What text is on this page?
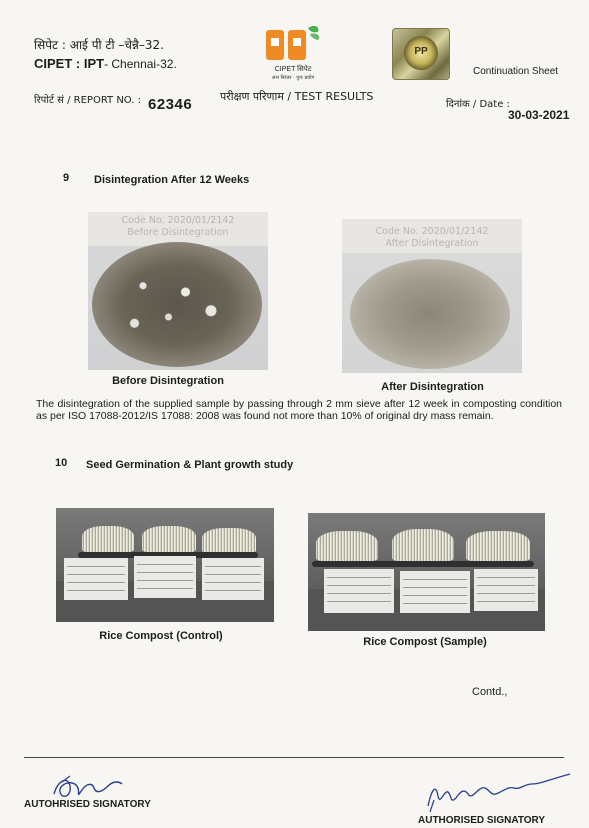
सिपेट : आई पी टी –चेन्नै–32.
CIPET : IPT- Chennai-32.	CIPET सिपेट
अंश निरंतर · पुनः प्रयोग
PP
Continuation Sheet
रिपोर्ट सं / REPORT NO. : 62346	परीक्षण परिणाम / TEST RESULTS
दिनांक / Date :
30-03-2021
9 Disintegration After 12 Weeks
Code No. 2020/01/2142
Before Disintegration	Code No. 2020/01/2142
After Disintegration
Before Disintegration	After Disintegration
The disintegration of the supplied sample by passing through 2 mm sieve after 12 week in composting condition as per ISO 17088-2012/IS 17088: 2008 was found not more than 10% of original dry mass remain.
10 Seed Germination & Plant growth study
Rice Compost (Control)	Rice Compost (Sample)
Contd.,
AUTOHRISED SIGNATORY
AUTHORISED SIGNATORY
